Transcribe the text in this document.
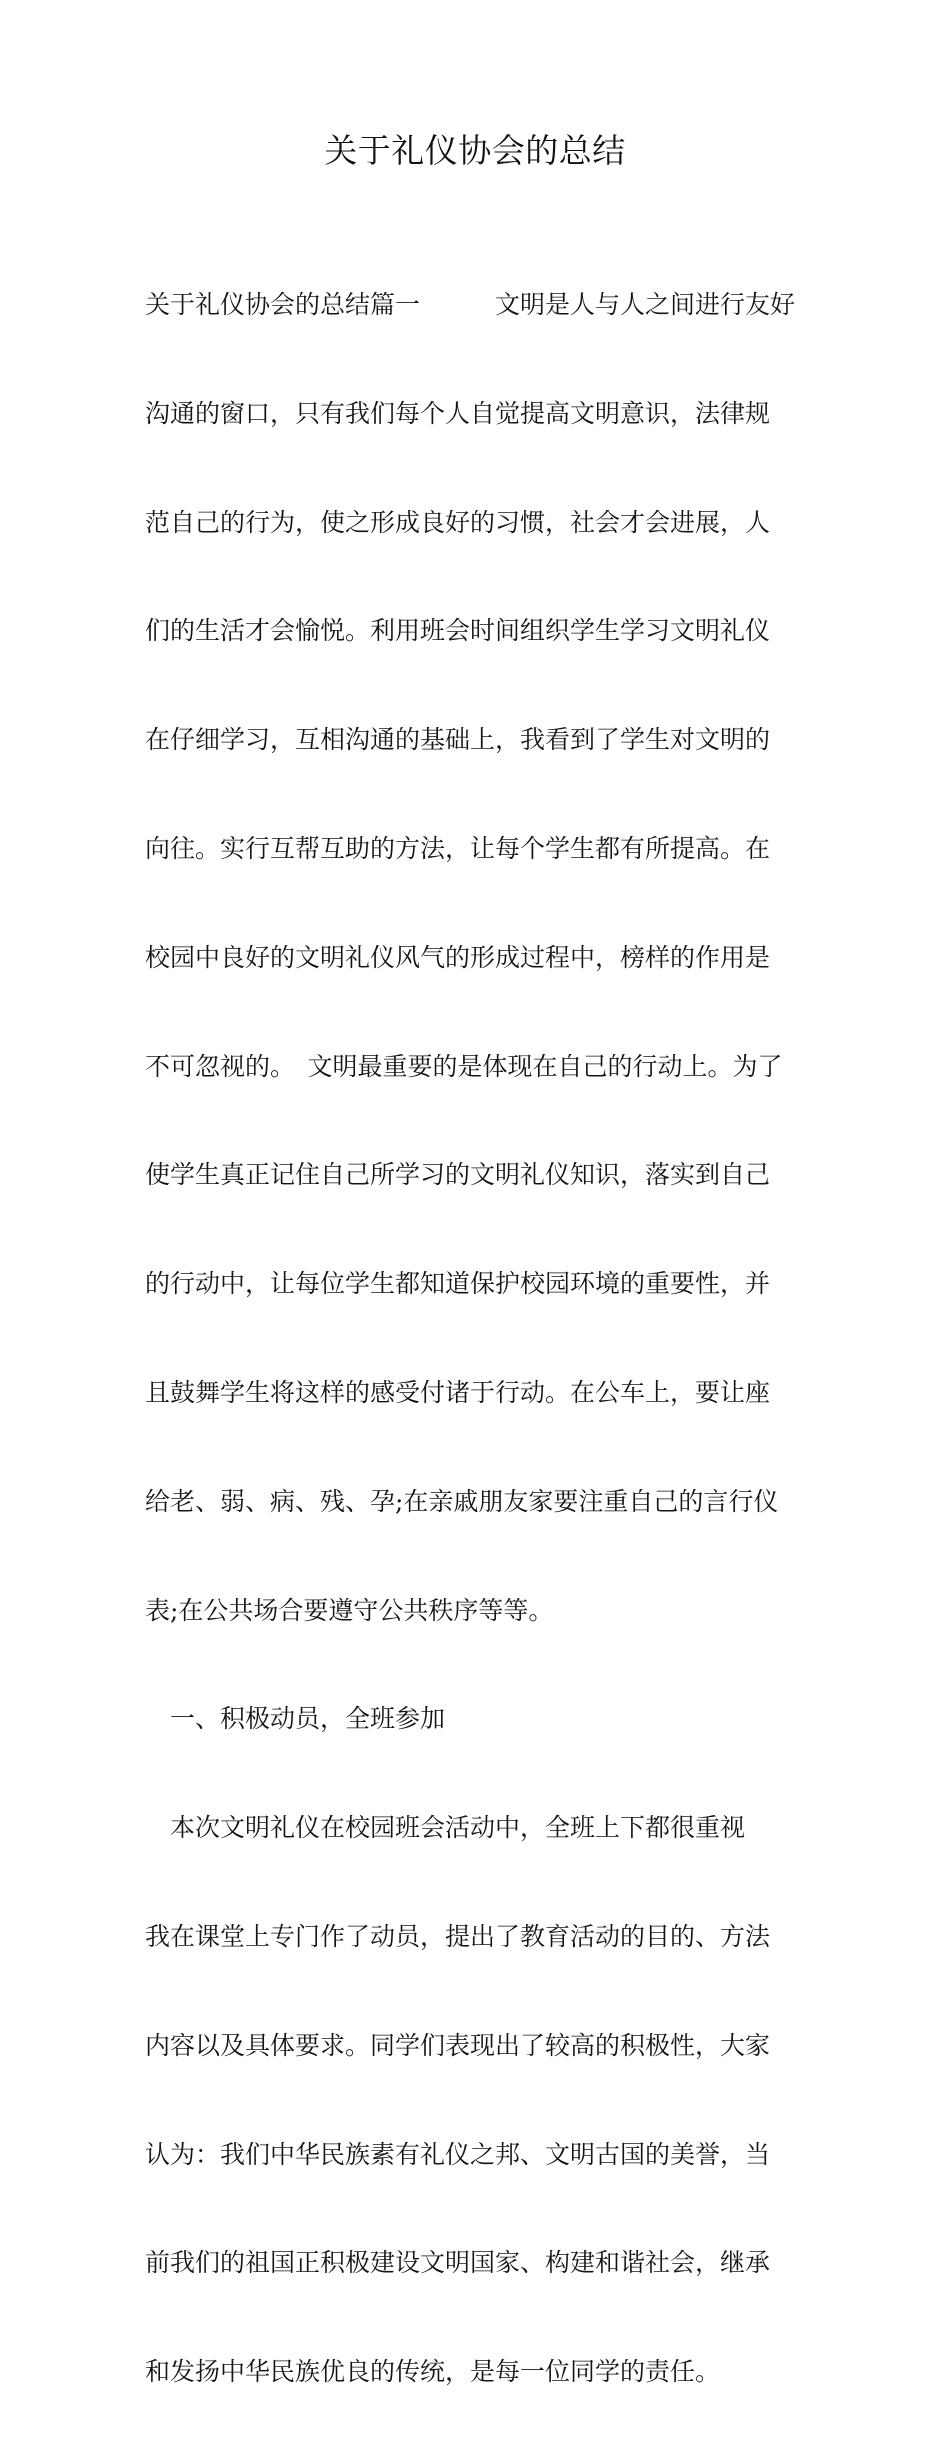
关于礼仪协会的总结

关于礼仪协会的总结篇一　　　文明是人与人之间进行友好

沟通的窗口，只有我们每个人自觉提高文明意识，法律规

范自己的行为，使之形成良好的习惯，社会才会进展，人

们的生活才会愉悦。利用班会时间组织学生学习文明礼仪

在仔细学习，互相沟通的基础上，我看到了学生对文明的

向往。实行互帮互助的方法，让每个学生都有所提高。在

校园中良好的文明礼仪风气的形成过程中，榜样的作用是

不可忽视的。　文明最重要的是体现在自己的行动上。为了

使学生真正记住自己所学习的文明礼仪知识，落实到自己

的行动中，让每位学生都知道保护校园环境的重要性，并

且鼓舞学生将这样的感受付诸于行动。在公车上，要让座

给老、弱、病、残、孕;在亲戚朋友家要注重自己的言行仪

表;在公共场合要遵守公共秩序等等。

　一、积极动员，全班参加

　本次文明礼仪在校园班会活动中，全班上下都很重视

我在课堂上专门作了动员，提出了教育活动的目的、方法

内容以及具体要求。同学们表现出了较高的积极性，大家

认为：我们中华民族素有礼仪之邦、文明古国的美誉，当

前我们的祖国正积极建设文明国家、构建和谐社会，继承

和发扬中华民族优良的传统，是每一位同学的责任。
